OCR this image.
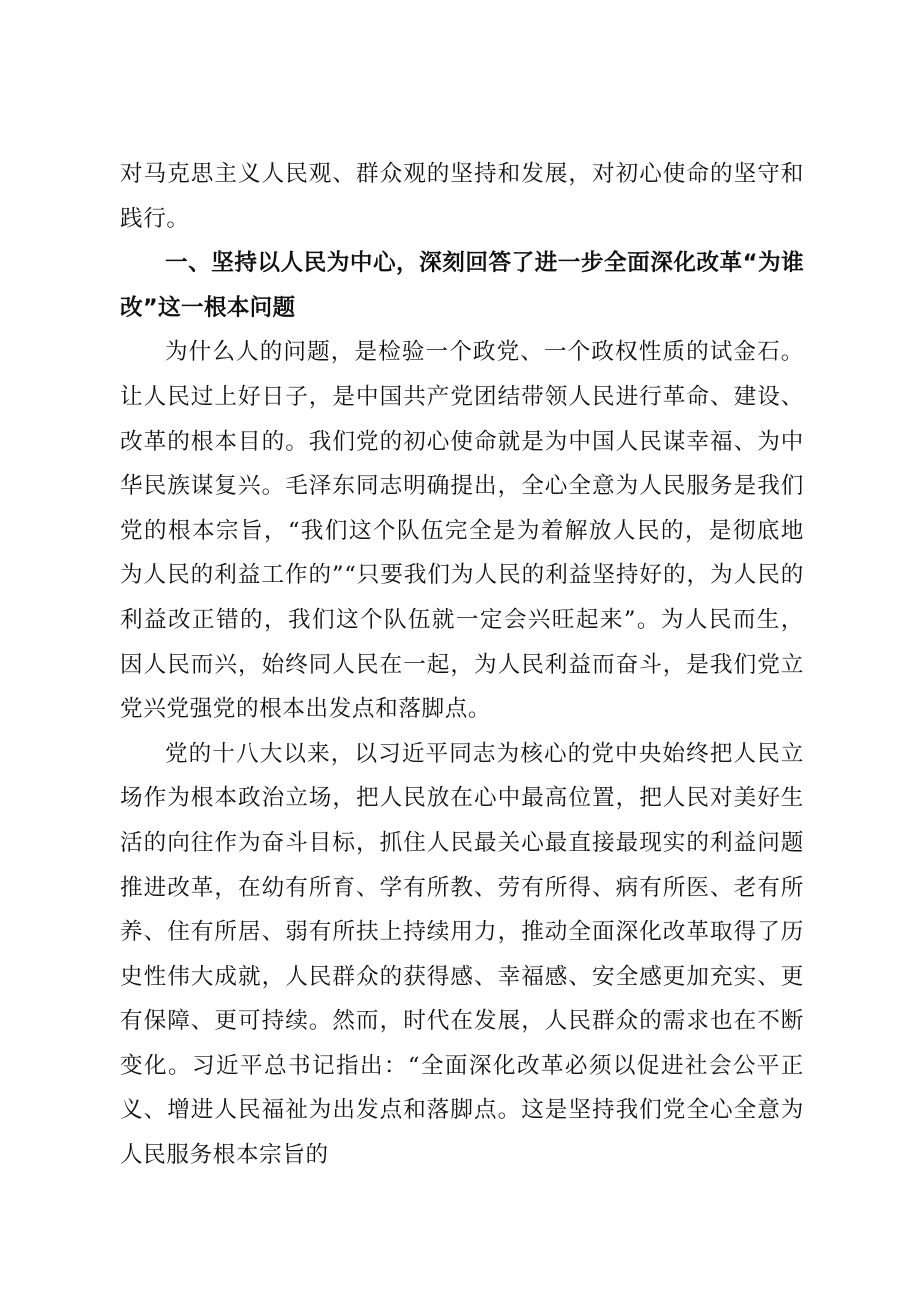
对马克思主义人民观、群众观的坚持和发展，对初心使命的坚守和践行。

一、坚持以人民为中心，深刻回答了进一步全面深化改革“为谁改”这一根本问题

为什么人的问题，是检验一个政党、一个政权性质的试金石。让人民过上好日子，是中国共产党团结带领人民进行革命、建设、改革的根本目的。我们党的初心使命就是为中国人民谋幸福、为中华民族谋复兴。毛泽东同志明确提出，全心全意为人民服务是我们党的根本宗旨，“我们这个队伍完全是为着解放人民的，是彻底地为人民的利益工作的”“只要我们为人民的利益坚持好的，为人民的利益改正错的，我们这个队伍就一定会兴旺起来”。为人民而生，因人民而兴，始终同人民在一起，为人民利益而奋斗，是我们党立党兴党强党的根本出发点和落脚点。

党的十八大以来，以习近平同志为核心的党中央始终把人民立场作为根本政治立场，把人民放在心中最高位置，把人民对美好生活的向往作为奋斗目标，抓住人民最关心最直接最现实的利益问题推进改革，在幼有所育、学有所教、劳有所得、病有所医、老有所养、住有所居、弱有所扶上持续用力，推动全面深化改革取得了历史性伟大成就，人民群众的获得感、幸福感、安全感更加充实、更有保障、更可持续。然而，时代在发展，人民群众的需求也在不断变化。习近平总书记指出：“全面深化改革必须以促进社会公平正义、增进人民福祉为出发点和落脚点。这是坚持我们党全心全意为人民服务根本宗旨的
